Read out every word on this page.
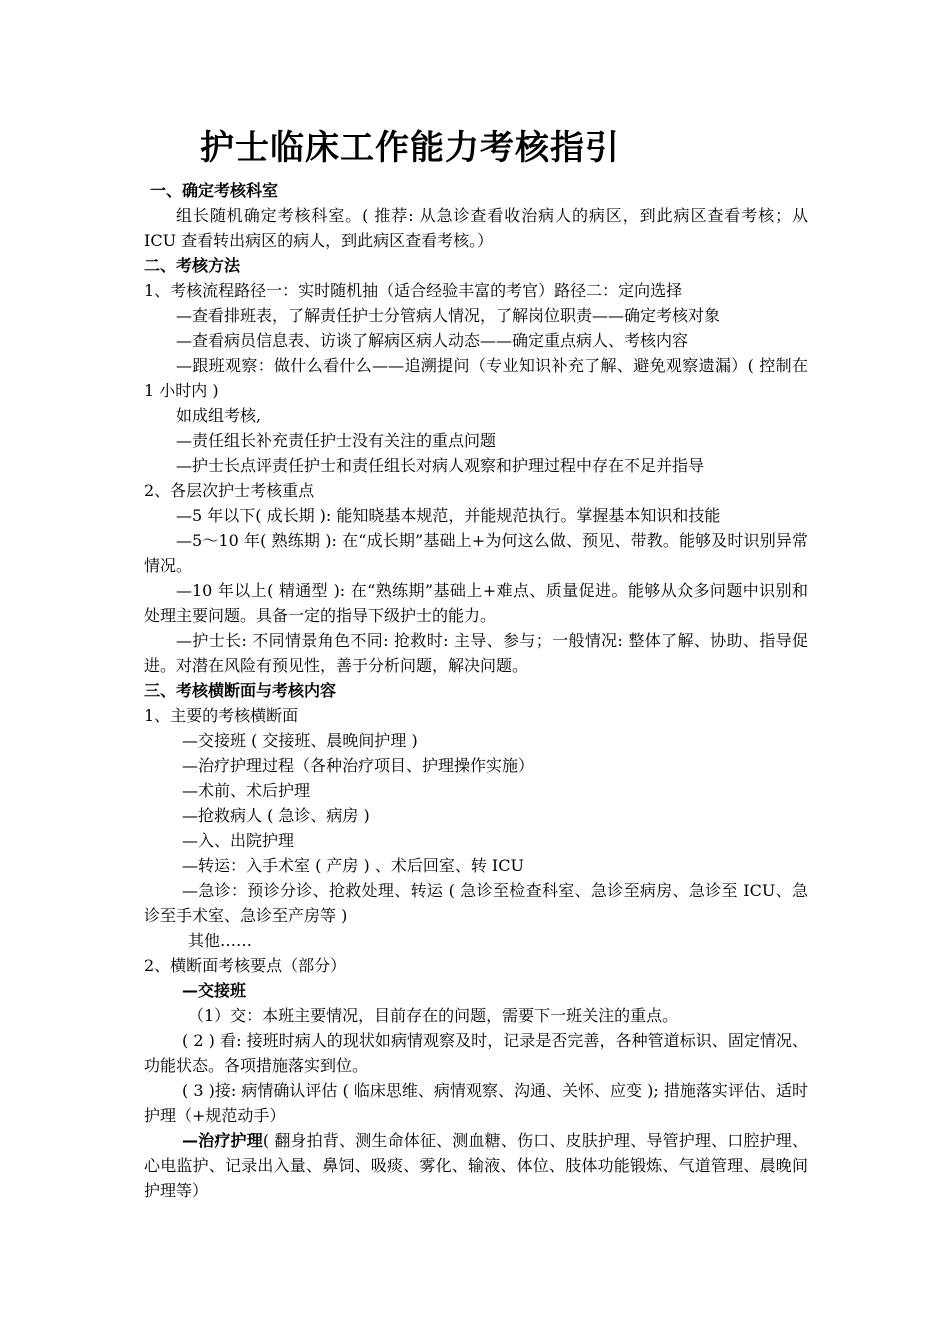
护士临床工作能力考核指引

一、确定考核科室

组长随机确定考核科室。( 推荐: 从急诊查看收治病人的病区，到此病区查看考核；从 ICU 查看转出病区的病人，到此病区查看考核。）

二、考核方法

1、考核流程路径一：实时随机抽（适合经验丰富的考官）路径二：定向选择

—查看排班表，了解责任护士分管病人情况，了解岗位职责——确定考核对象

—查看病员信息表、访谈了解病区病人动态——确定重点病人、考核内容

—跟班观察：做什么看什么——追溯提问（专业知识补充了解、避免观察遗漏）( 控制在 1 小时内 )

如成组考核,

—责任组长补充责任护士没有关注的重点问题

—护士长点评责任护士和责任组长对病人观察和护理过程中存在不足并指导

2、各层次护士考核重点

—5 年以下( 成长期 ): 能知晓基本规范，并能规范执行。掌握基本知识和技能

—5～10 年( 熟练期 ): 在“成长期”基础上+为何这么做、预见、带教。能够及时识别异常情况。

—10 年以上( 精通型 ): 在“熟练期”基础上+难点、质量促进。能够从众多问题中识别和处理主要问题。具备一定的指导下级护士的能力。

—护士长: 不同情景角色不同: 抢救时: 主导、参与；一般情况: 整体了解、协助、指导促进。对潜在风险有预见性，善于分析问题，解决问题。

三、考核横断面与考核内容

1、主要的考核横断面

—交接班 ( 交接班、晨晚间护理 )

—治疗护理过程（各种治疗项目、护理操作实施）

—术前、术后护理

—抢救病人 ( 急诊、病房 )

—入、出院护理

—转运：入手术室 ( 产房 ) 、术后回室、转 ICU

—急诊：预诊分诊、抢救处理、转运 ( 急诊至检查科室、急诊至病房、急诊至 ICU、急诊至手术室、急诊至产房等 )

其他……

2、横断面考核要点（部分）

—交接班

（1）交：本班主要情况，目前存在的问题，需要下一班关注的重点。

( 2 ) 看: 接班时病人的现状如病情观察及时，记录是否完善，各种管道标识、固定情况、功能状态。各项措施落实到位。

( 3 )接: 病情确认评估 ( 临床思维、病情观察、沟通、关怀、应变 ); 措施落实评估、适时护理（+规范动手）

—治疗护理( 翻身拍背、测生命体征、测血糖、伤口、皮肤护理、导管护理、口腔护理、心电监护、记录出入量、鼻饲、吸痰、雾化、输液、体位、肢体功能锻炼、气道管理、晨晚间护理等）
